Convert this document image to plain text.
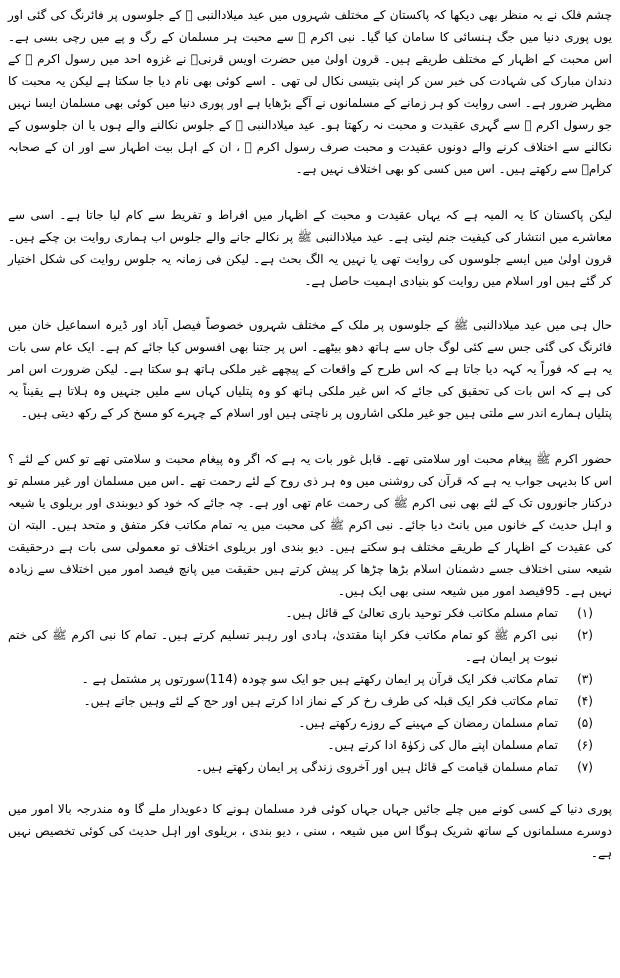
چشم فلک نے یہ منظر بھی دیکھا کہ پاکستان کے مختلف شہروں میں عید میلادالنبی ﷺ کے جلوسوں پر فائرنگ کی گئی اور یوں پوری دنیا میں جگ ہنسائی کا سامان کیا گیا۔ نبی اکرم ﷺ سے محبت ہر مسلمان کے رگ و پے میں رچی بسی ہے۔ اس محبت کے اظہار کے مختلف طریقے ہیں۔ قرون اولیٰ میں حضرت اویس قرنیؓ نے غزوہ احد میں رسول اکرم ﷺ کے دندان مبارک کی شہادت کی خبر سن کر اپنی بتیسی نکال لی تھی ۔ اسے کوئی بھی نام دیا جا سکتا ہے لیکن یہ محبت کا مظہر ضرور ہے۔ اسی روایت کو ہر زمانے کے مسلمانوں نے آگے بڑھایا ہے اور پوری دنیا میں کوئی بھی مسلمان ایسا نہیں جو رسول اکرم ﷺ سے گہری عقیدت و محبت نہ رکھتا ہو۔ عید میلادالنبی ﷺ کے جلوس نکالنے والے ہوں یا ان جلوسوں کے نکالنے سے اختلاف کرنے والے دونوں عقیدت و محبت صرف رسول اکرم ﷺ ، ان کے اہل بیت اطہار سے اور ان کے صحابہ کرامؓ سے رکھتے ہیں۔ اس میں کسی کو بھی اختلاف نہیں ہے۔

لیکن پاکستان کا یہ المیہ ہے کہ یہاں عقیدت و محبت کے اظہار میں افراط و تفریط سے کام لیا جاتا ہے۔ اسی سے معاشرے میں انتشار کی کیفیت جنم لیتی ہے۔ عید میلادالنبی ﷺ پر نکالے جانے والے جلوس اب ہماری روایت بن چکے ہیں۔ قرون اولیٰ میں ایسے جلوسوں کی روایت تھی یا نہیں یہ الگ بحث ہے۔ لیکن فی زمانہ یہ جلوس روایت کی شکل اختیار کر گئے ہیں اور اسلام میں روایت کو بنیادی اہمیت حاصل ہے۔

حال ہی میں عید میلادالنبی ﷺ کے جلوسوں پر ملک کے مختلف شہروں خصوصاً فیصل آباد اور ڈیرہ اسماعیل خان میں فائرنگ کی گئی جس سے کئی لوگ جاں سے ہاتھ دھو بیٹھے۔ اس پر جتنا بھی افسوس کیا جائے کم ہے۔ ایک عام سی بات یہ ہے کہ فوراً یہ کہہ دیا جاتا ہے کہ اس طرح کے واقعات کے پیچھے غیر ملکی ہاتھ ہو سکتا ہے۔ لیکن ضرورت اس امر کی ہے کہ اس بات کی تحقیق کی جائے کہ اس غیر ملکی ہاتھ کو وہ پتلیاں کہاں سے ملیں جنہیں وہ ہلاتا ہے یقیناً یہ پتلیاں ہمارے اندر سے ملتی ہیں جو غیر ملکی اشاروں پر ناچتی ہیں اور اسلام کے چہرے کو مسخ کر کے رکھ دیتی ہیں۔

حضور اکرم ﷺ پیغام محبت اور سلامتی تھے۔ قابل غور بات یہ ہے کہ اگر وہ پیغام محبت و سلامتی تھے تو کس کے لئے ؟ اس کا بدیہی جواب یہ ہے کہ قرآن کی روشنی میں وہ ہر ذی روح کے لئے رحمت تھے ۔اس میں مسلمان اور غیر مسلم تو درکنار جانوروں تک کے لئے بھی نبی اکرم ﷺ کی رحمت عام تھی اور ہے۔ چہ جائے کہ خود کو دیوبندی اور بریلوی یا شیعہ و اہل حدیث کے خانوں میں بانٹ دیا جائے۔ نبی اکرم ﷺ کی محبت میں یہ تمام مکاتب فکر متفق و متحد ہیں۔ البتہ ان کی عقیدت کے اظہار کے طریقے مختلف ہو سکتے ہیں۔ دیو بندی اور بریلوی اختلاف تو معمولی سی بات ہے درحقیقت شیعہ سنی اختلاف جسے دشمنان اسلام بڑھا چڑھا کر پیش کرتے ہیں حقیقت میں پانچ فیصد امور میں اختلاف سے زیادہ نہیں ہے۔ 95فیصد امور میں شیعہ سنی بھی ایک ہیں۔

(۱)
تمام مسلم مکاتب فکر توحید باری تعالیٰ کے قائل ہیں۔
(۲)
نبی اکرم ﷺ کو تمام مکاتب فکر اپنا مقتدیٰ، ہادی اور رہبر تسلیم کرتے ہیں۔ تمام کا نبی اکرم ﷺ کی ختم نبوت پر ایمان ہے۔
(۳)
تمام مکاتب فکر ایک قرآن پر ایمان رکھتے ہیں جو ایک سو چودہ (114)سورتوں پر مشتمل ہے ۔
(۴)
تمام مکاتب فکر ایک قبلہ کی طرف رخ کر کے نماز ادا کرتے ہیں اور حج کے لئے وہیں جاتے ہیں۔
(۵)
تمام مسلمان رمضان کے مہینے کے روزے رکھتے ہیں۔
(۶)
تمام مسلمان اپنے مال کی زکوٰۃ ادا کرتے ہیں۔
(۷)
تمام مسلمان قیامت کے قائل ہیں اور آخروی زندگی پر ایمان رکھتے ہیں۔

پوری دنیا کے کسی کونے میں چلے جائیں جہاں جہاں کوئی فرد مسلمان ہونے کا دعویدار ملے گا وہ مندرجہ بالا امور میں دوسرے مسلمانوں کے ساتھ شریک ہوگا اس میں شیعہ ، سنی ، دیو بندی ، بریلوی اور اہل حدیث کی کوئی تخصیص نہیں ہے۔
